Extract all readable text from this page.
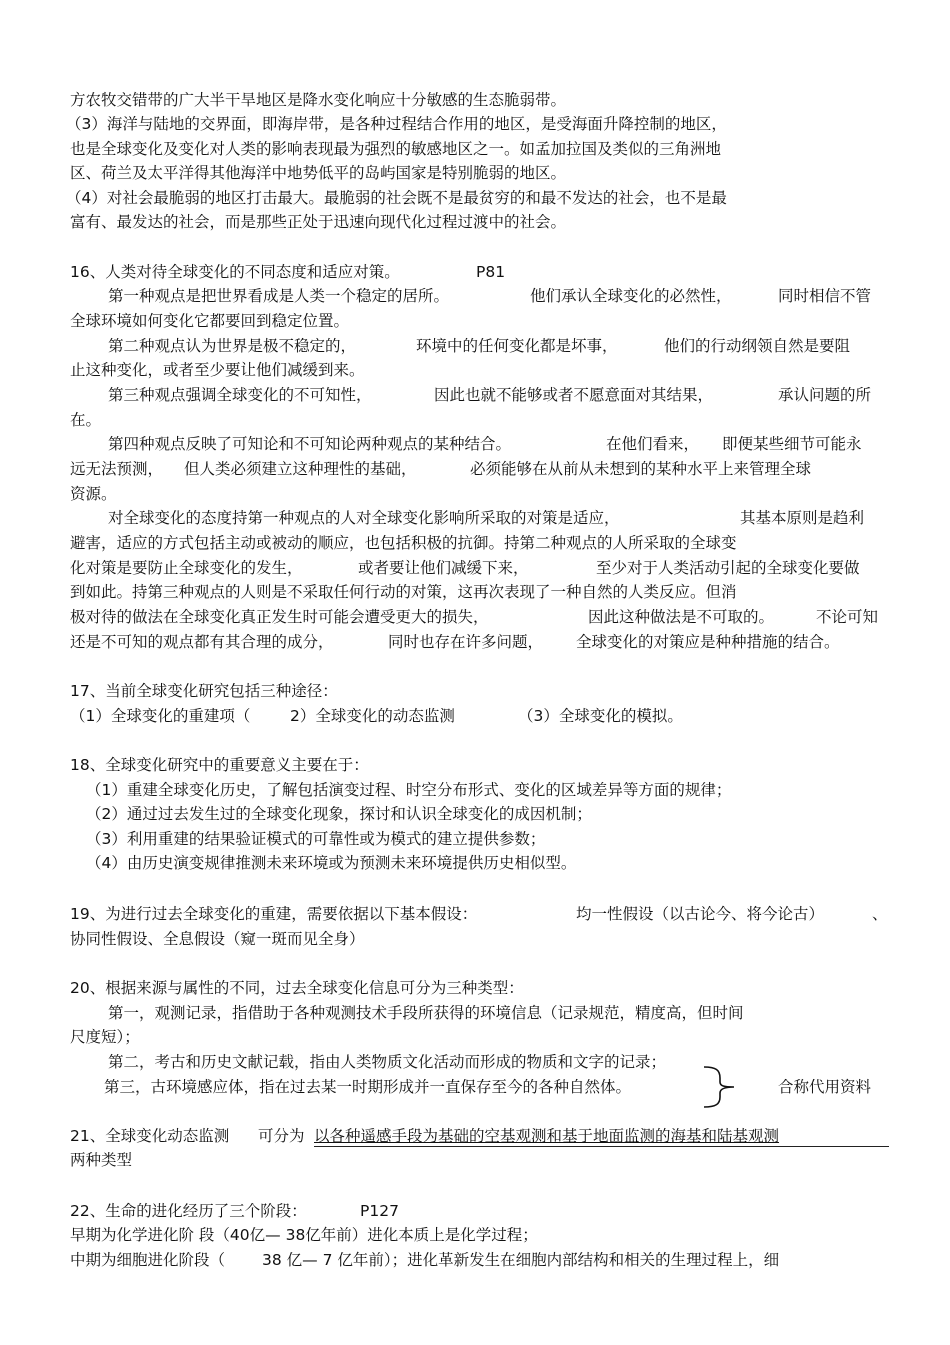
方农牧交错带的广大半干旱地区是降水变化响应十分敏感的生态脆弱带。
（3）海洋与陆地的交界面，即海岸带，是各种过程结合作用的地区，是受海面升降控制的地区，
也是全球变化及变化对人类的影响表现最为强烈的敏感地区之一。如孟加拉国及类似的三角洲地
区、荷兰及太平洋得其他海洋中地势低平的岛屿国家是特别脆弱的地区。
（4）对社会最脆弱的地区打击最大。最脆弱的社会既不是最贫穷的和最不发达的社会，也不是最
富有、最发达的社会，而是那些正处于迅速向现代化过程过渡中的社会。
16、人类对待全球变化的不同态度和适应对策。	P81
第一种观点是把世界看成是人类一个稳定的居所。	他们承认全球变化的必然性，	同时相信不管
全球环境如何变化它都要回到稳定位置。
第二种观点认为世界是极不稳定的，	环境中的任何变化都是坏事，	他们的行动纲领自然是要阻
止这种变化，或者至少要让他们减缓到来。
第三种观点强调全球变化的不可知性，	因此也就不能够或者不愿意面对其结果，	承认问题的所
在。
第四种观点反映了可知论和不可知论两种观点的某种结合。	在他们看来， 即便某些细节可能永
远无法预测， 但人类必须建立这种理性的基础，	必须能够在从前从未想到的某种水平上来管理全球
资源。
对全球变化的态度持第一种观点的人对全球变化影响所采取的对策是适应，	其基本原则是趋利
避害，适应的方式包括主动或被动的顺应，也包括积极的抗御。持第二种观点的人所采取的全球变
化对策是要防止全球变化的发生，	或者要让他们减缓下来，	至少对于人类活动引起的全球变化要做
到如此。持第三种观点的人则是不采取任何行动的对策，这再次表现了一种自然的人类反应。但消
极对待的做法在全球变化真正发生时可能会遭受更大的损失，	因此这种做法是不可取的。	不论可知
还是不可知的观点都有其合理的成分，	同时也存在许多问题， 全球变化的对策应是种种措施的结合。
17、当前全球变化研究包括三种途径：
（1）全球变化的重建项（	2）全球变化的动态监测	（3）全球变化的模拟。
18、全球变化研究中的重要意义主要在于：
（1）重建全球变化历史，了解包括演变过程、时空分布形式、变化的区域差异等方面的规律；
（2）通过过去发生过的全球变化现象，探讨和认识全球变化的成因机制；
（3）利用重建的结果验证模式的可靠性或为模式的建立提供参数；
（4）由历史演变规律推测未来环境或为预测未来环境提供历史相似型。
19、为进行过去全球变化的重建，需要依据以下基本假设：	均一性假设（以古论今、将今论古）	、
协同性假设、全息假设（窥一斑而见全身）
20、根据来源与属性的不同，过去全球变化信息可分为三种类型：
第一，观测记录，指借助于各种观测技术手段所获得的环境信息（记录规范，精度高，但时间
尺度短）；
第二，考古和历史文献记载，指由人类物质文化活动而形成的物质和文字的记录；
第三，古环境感应体，指在过去某一时期形成并一直保存至今的各种自然体。	合称代用资料
21、全球变化动态监测 可分为 以各种遥感手段为基础的空基观测和基于地面监测的海基和陆基观测
两种类型
22、生命的进化经历了三个阶段：	P127
早期为化学进化阶 段（40亿— 38亿年前）进化本质上是化学过程；
中期为细胞进化阶段（ 38 亿— 7 亿年前）；进化革新发生在细胞内部结构和相关的生理过程上，细
